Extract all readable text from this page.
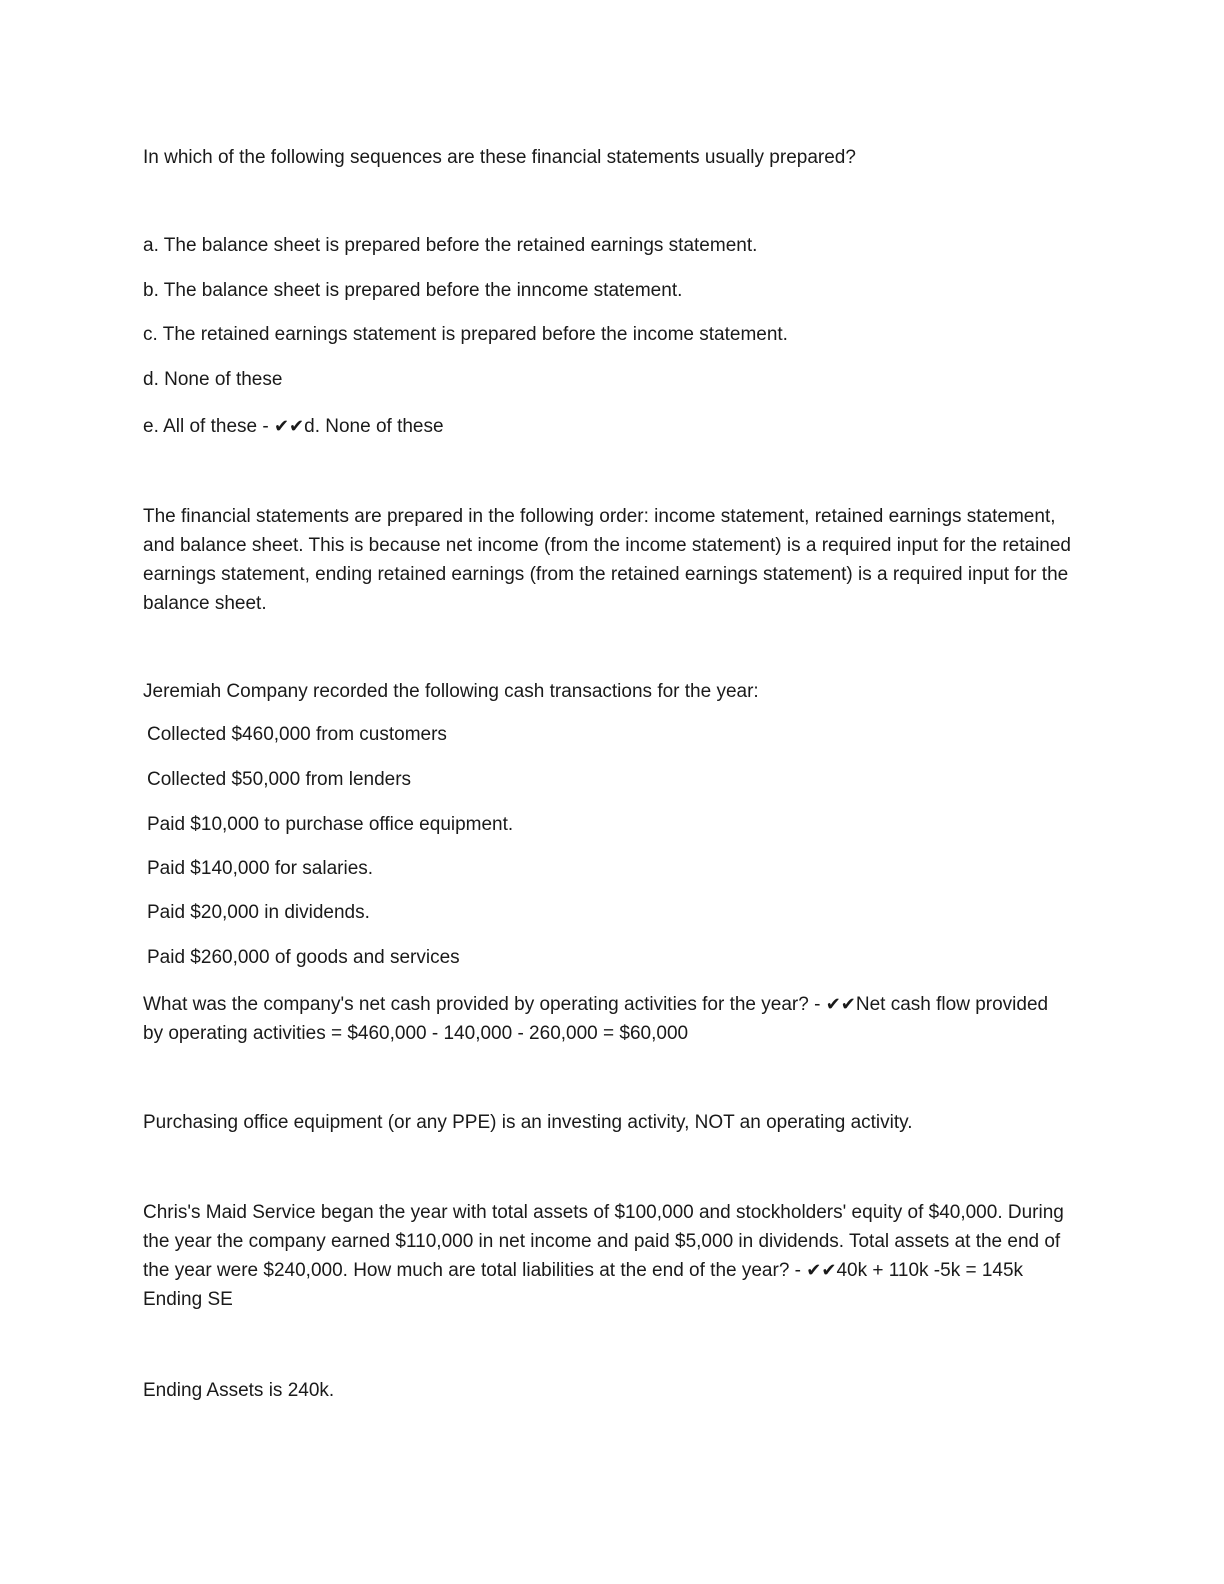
In which of the following sequences are these financial statements usually prepared?

a. The balance sheet is prepared before the retained earnings statement.

b. The balance sheet is prepared before the inncome statement.

c. The retained earnings statement is prepared before the income statement.

d. None of these

e. All of these - ✔✔d. None of these

The financial statements are prepared in the following order: income statement, retained earnings statement, and balance sheet. This is because net income (from the income statement) is a required input for the retained earnings statement, ending retained earnings (from the retained earnings statement) is a required input for the balance sheet.

Jeremiah Company recorded the following cash transactions for the year:

Collected $460,000 from customers

Collected $50,000 from lenders

Paid $10,000 to purchase office equipment.

Paid $140,000 for salaries.

Paid $20,000 in dividends.

Paid $260,000 of goods and services

What was the company's net cash provided by operating activities for the year? - ✔✔Net cash flow provided by operating activities = $460,000 - 140,000 - 260,000 = $60,000

Purchasing office equipment (or any PPE) is an investing activity, NOT an operating activity.

Chris's Maid Service began the year with total assets of $100,000 and stockholders' equity of $40,000. During the year the company earned $110,000 in net income and paid $5,000 in dividends. Total assets at the end of the year were $240,000. How much are total liabilities at the end of the year? - ✔✔40k + 110k -5k = 145k Ending SE

Ending Assets is 240k.
